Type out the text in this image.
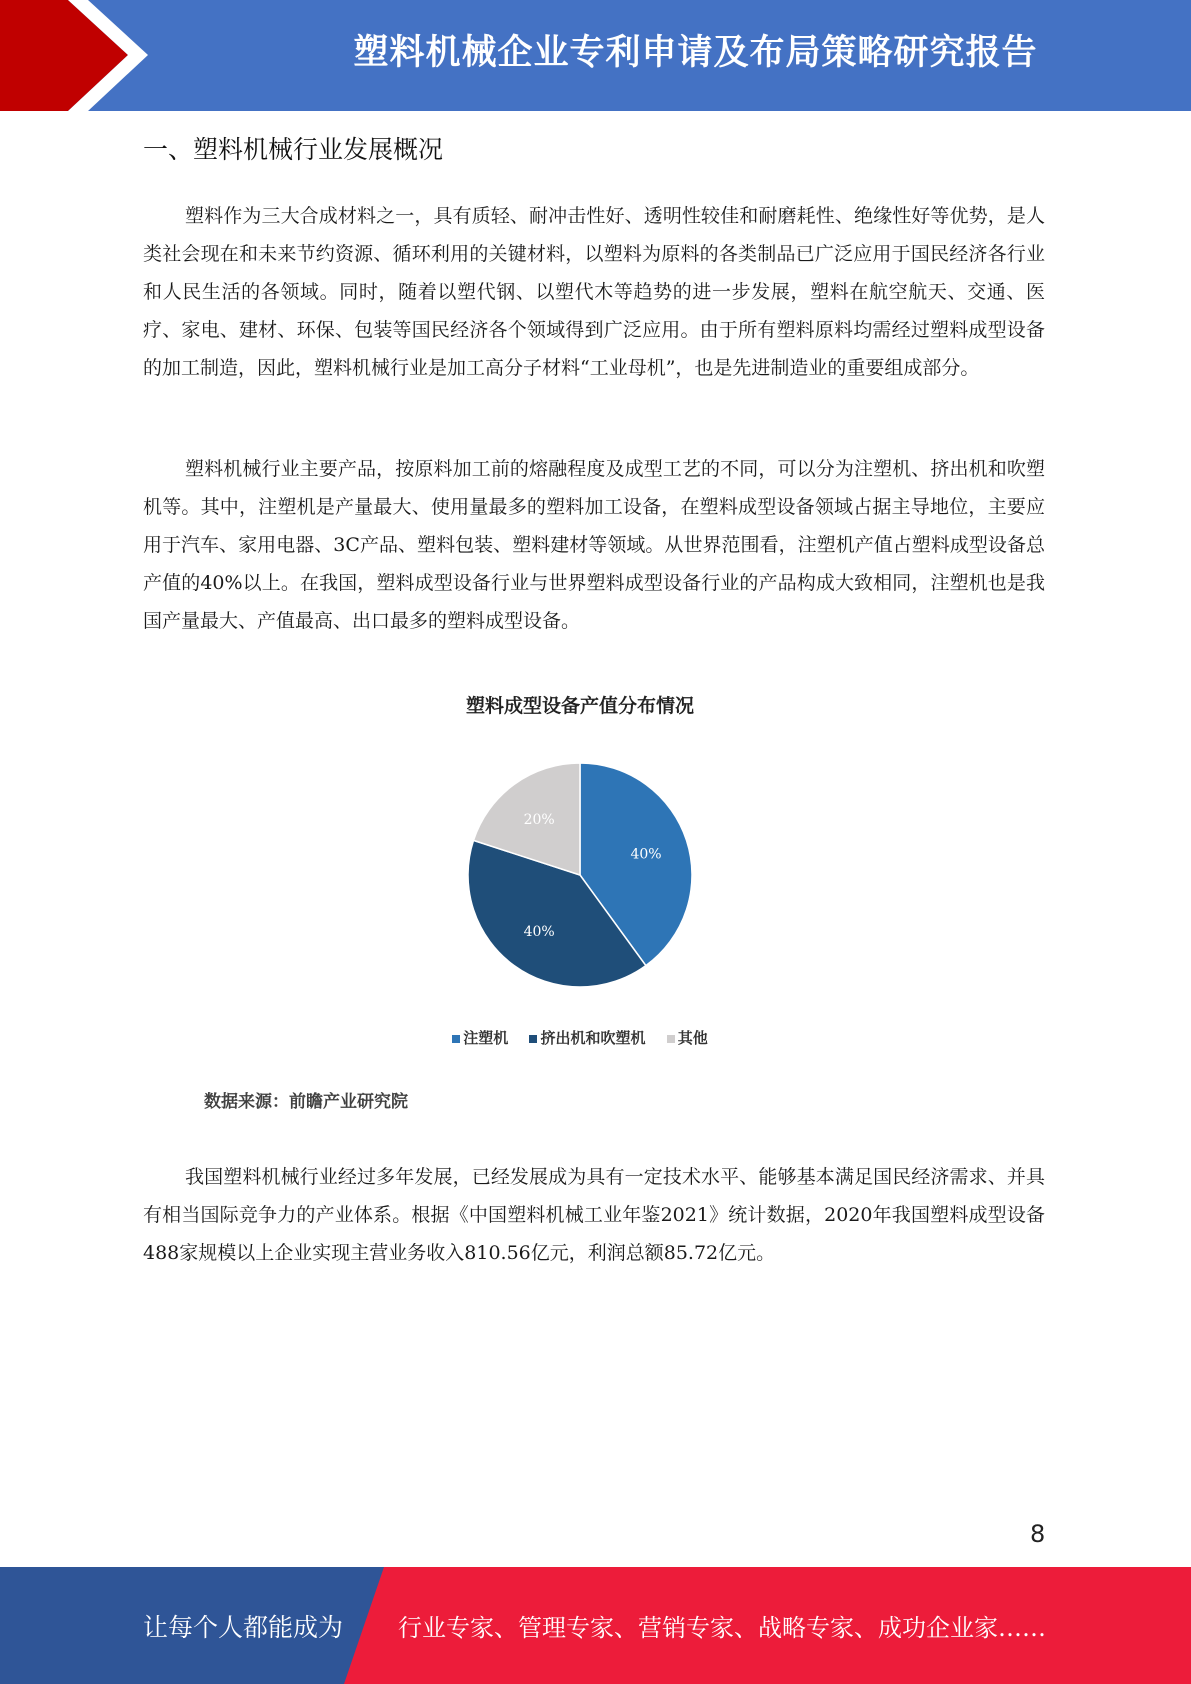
塑料机械企业专利申请及布局策略研究报告
一、塑料机械行业发展概况

塑料作为三大合成材料之一，具有质轻、耐冲击性好、透明性较佳和耐磨耗性、绝缘性好等优势，是人类社会现在和未来节约资源、循环利用的关键材料，以塑料为原料的各类制品已广泛应用于国民经济各行业和人民生活的各领域。同时，随着以塑代钢、以塑代木等趋势的进一步发展，塑料在航空航天、交通、医疗、家电、建材、环保、包装等国民经济各个领域得到广泛应用。由于所有塑料原料均需经过塑料成型设备的加工制造，因此，塑料机械行业是加工高分子材料“工业母机”，也是先进制造业的重要组成部分。

塑料机械行业主要产品，按原料加工前的熔融程度及成型工艺的不同，可以分为注塑机、挤出机和吹塑机等。其中，注塑机是产量最大、使用量最多的塑料加工设备，在塑料成型设备领域占据主导地位，主要应用于汽车、家用电器、3C产品、塑料包装、塑料建材等领域。从世界范围看，注塑机产值占塑料成型设备总产值的40%以上。在我国，塑料成型设备行业与世界塑料成型设备行业的产品构成大致相同，注塑机也是我国产量最大、产值最高、出口最多的塑料成型设备。

塑料成型设备产值分布情况
40%
40%
20%
注塑机 挤出机和吹塑机 其他
数据来源：前瞻产业研究院

我国塑料机械行业经过多年发展，已经发展成为具有一定技术水平、能够基本满足国民经济需求、并具有相当国际竞争力的产业体系。根据《中国塑料机械工业年鉴2021》统计数据，2020年我国塑料成型设备488家规模以上企业实现主营业务收入810.56亿元，利润总额85.72亿元。

8
让每个人都能成为 行业专家、管理专家、营销专家、战略专家、成功企业家……
